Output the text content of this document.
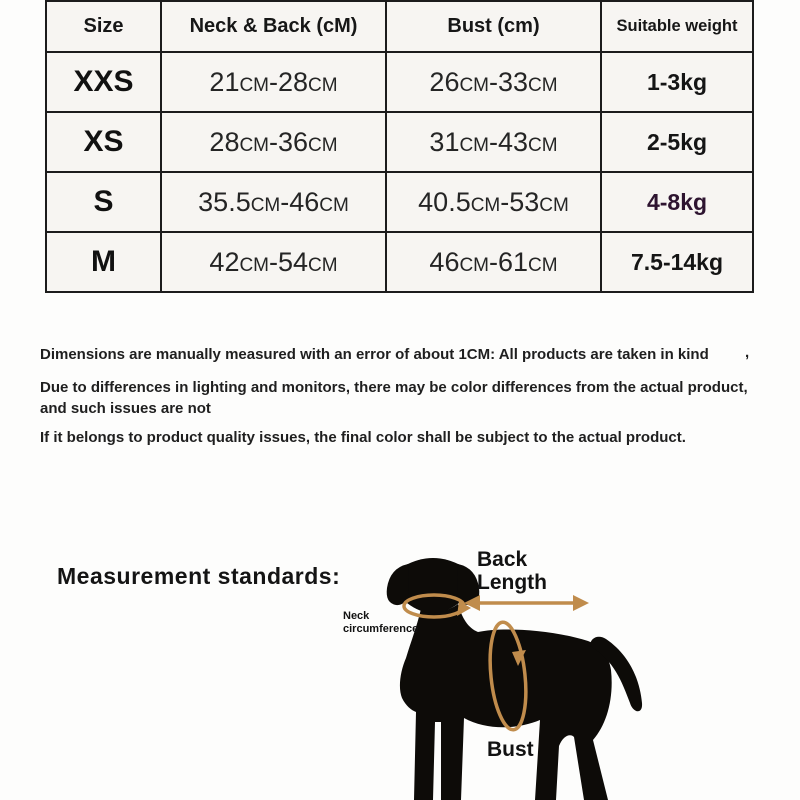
Size	Neck & Back (cM)	Bust (cm)	Suitable weight
XXS	21cm-28cm	26cm-33cm	1-3kg
XS	28cm-36cm	31cm-43cm	2-5kg
S	35.5cm-46cm	40.5cm-53cm	4-8kg
M	42cm-54cm	46cm-61cm	7.5-14kg
Dimensions are manually measured with an error of about 1CM: All products are taken in kind	,
Due to differences in lighting and monitors, there may be color differences from the actual product, and such issues are not
If it belongs to product quality issues, the final color shall be subject to the actual product.
Measurement standards:
Back Length
Neck circumference
Bust
